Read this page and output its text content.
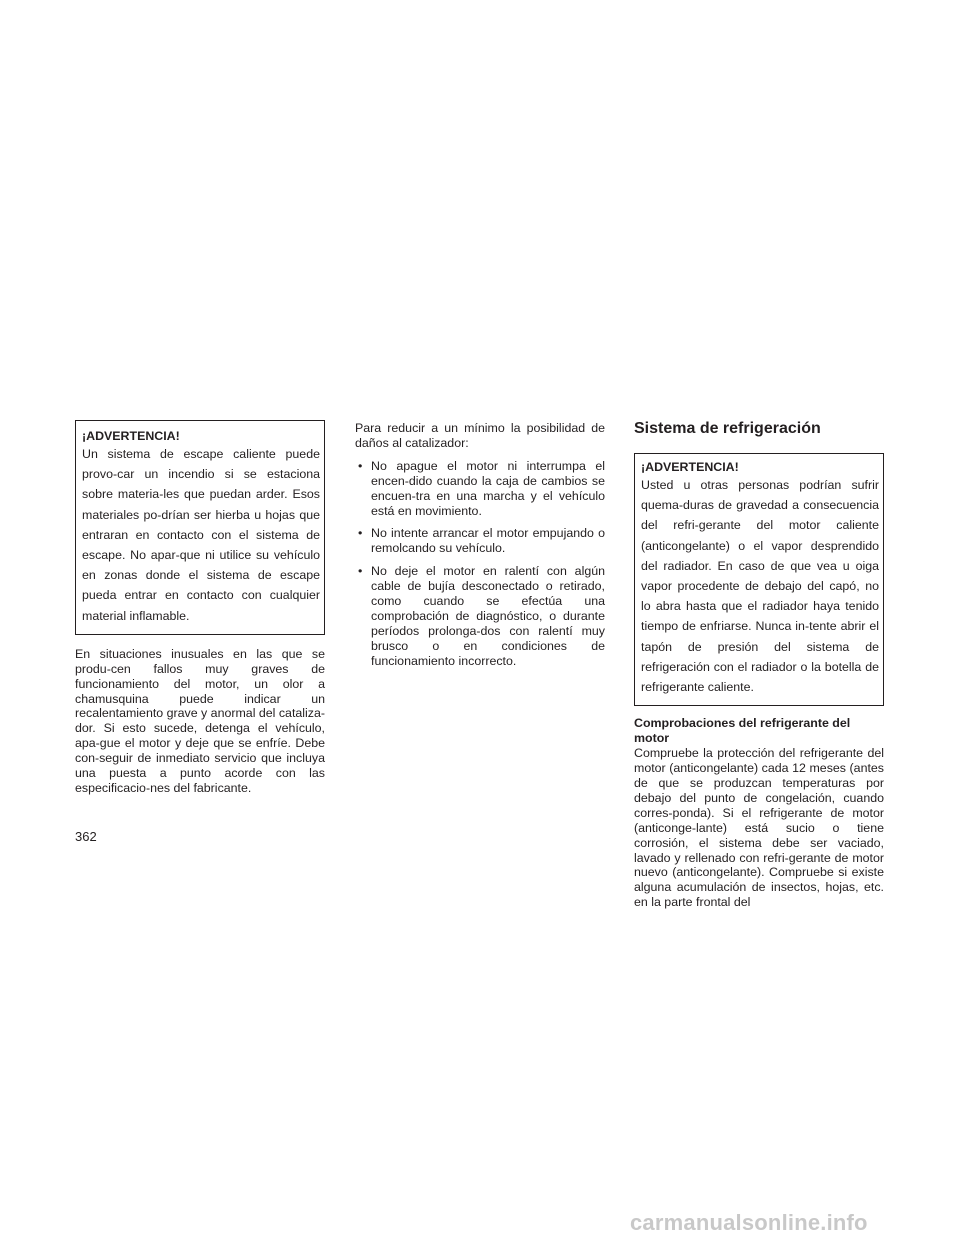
¡ADVERTENCIA!
Un sistema de escape caliente puede provo-car un incendio si se estaciona sobre materia-les que puedan arder. Esos materiales po-drían ser hierba u hojas que entraran en contacto con el sistema de escape. No apar-que ni utilice su vehículo en zonas donde el sistema de escape pueda entrar en contacto con cualquier material inflamable.

En situaciones inusuales en las que se produ-cen fallos muy graves de funcionamiento del motor, un olor a chamusquina puede indicar un recalentamiento grave y anormal del cataliza-dor. Si esto sucede, detenga el vehículo, apa-gue el motor y deje que se enfríe. Debe con-seguir de inmediato servicio que incluya una puesta a punto acorde con las especificacio-nes del fabricante.

Para reducir a un mínimo la posibilidad de daños al catalizador:

• No apague el motor ni interrumpa el encen-dido cuando la caja de cambios se encuen-tra en una marcha y el vehículo está en movimiento.
• No intente arrancar el motor empujando o remolcando su vehículo.
• No deje el motor en ralentí con algún cable de bujía desconectado o retirado, como cuando se efectúa una comprobación de diagnóstico, o durante períodos prolonga-dos con ralentí muy brusco o en condiciones de funcionamiento incorrecto.
Sistema de refrigeración
¡ADVERTENCIA!
Usted u otras personas podrían sufrir quema-duras de gravedad a consecuencia del refri-gerante del motor caliente (anticongelante) o el vapor desprendido del radiador. En caso de que vea u oiga vapor procedente de debajo del capó, no lo abra hasta que el radiador haya tenido tiempo de enfriarse. Nunca in-tente abrir el tapón de presión del sistema de refrigeración con el radiador o la botella de refrigerante caliente.

Comprobaciones del refrigerante del motor

Compruebe la protección del refrigerante del motor (anticongelante) cada 12 meses (antes de que se produzcan temperaturas por debajo del punto de congelación, cuando corres-ponda). Si el refrigerante de motor (anticonge-lante) está sucio o tiene corrosión, el sistema debe ser vaciado, lavado y rellenado con refri-gerante de motor nuevo (anticongelante). Compruebe si existe alguna acumulación de insectos, hojas, etc. en la parte frontal del

362
carmanualsonline.info
